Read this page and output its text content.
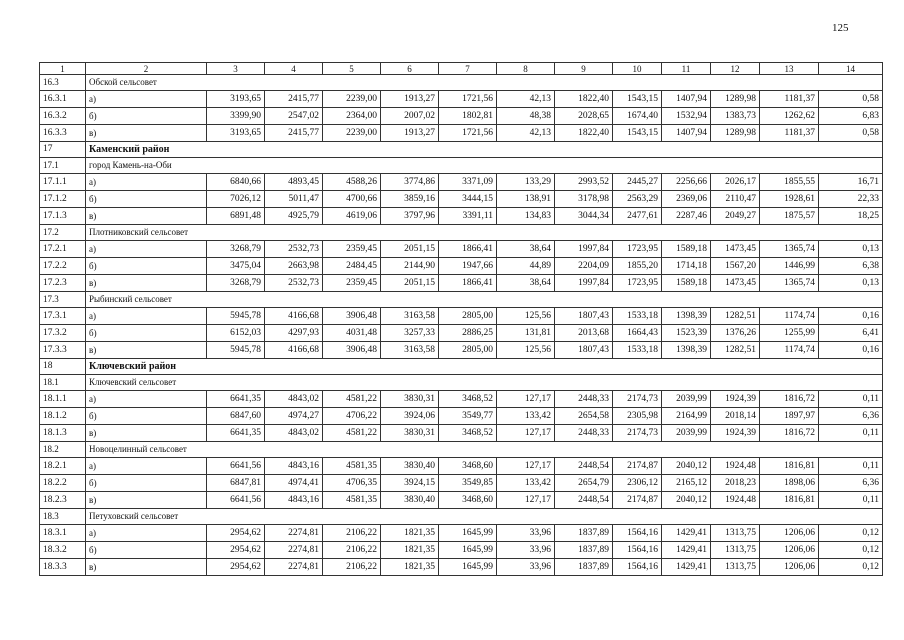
125
1	2	3	4	5	6	7	8	9	10	11	12	13	14
16.3	Обской сельсовет												
16.3.1	а)	3193,65	2415,77	2239,00	1913,27	1721,56	42,13	1822,40	1543,15	1407,94	1289,98	1181,37	0,58
16.3.2	б)	3399,90	2547,02	2364,00	2007,02	1802,81	48,38	2028,65	1674,40	1532,94	1383,73	1262,62	6,83
16.3.3	в)	3193,65	2415,77	2239,00	1913,27	1721,56	42,13	1822,40	1543,15	1407,94	1289,98	1181,37	0,58
17	Каменский район												
17.1	город Камень-на-Оби												
17.1.1	а)	6840,66	4893,45	4588,26	3774,86	3371,09	133,29	2993,52	2445,27	2256,66	2026,17	1855,55	16,71
17.1.2	б)	7026,12	5011,47	4700,66	3859,16	3444,15	138,91	3178,98	2563,29	2369,06	2110,47	1928,61	22,33
17.1.3	в)	6891,48	4925,79	4619,06	3797,96	3391,11	134,83	3044,34	2477,61	2287,46	2049,27	1875,57	18,25
17.2	Плотниковский сельсовет												
17.2.1	а)	3268,79	2532,73	2359,45	2051,15	1866,41	38,64	1997,84	1723,95	1589,18	1473,45	1365,74	0,13
17.2.2	б)	3475,04	2663,98	2484,45	2144,90	1947,66	44,89	2204,09	1855,20	1714,18	1567,20	1446,99	6,38
17.2.3	в)	3268,79	2532,73	2359,45	2051,15	1866,41	38,64	1997,84	1723,95	1589,18	1473,45	1365,74	0,13
17.3	Рыбинский сельсовет												
17.3.1	а)	5945,78	4166,68	3906,48	3163,58	2805,00	125,56	1807,43	1533,18	1398,39	1282,51	1174,74	0,16
17.3.2	б)	6152,03	4297,93	4031,48	3257,33	2886,25	131,81	2013,68	1664,43	1523,39	1376,26	1255,99	6,41
17.3.3	в)	5945,78	4166,68	3906,48	3163,58	2805,00	125,56	1807,43	1533,18	1398,39	1282,51	1174,74	0,16
18	Ключевский район												
18.1	Ключевский сельсовет												
18.1.1	а)	6641,35	4843,02	4581,22	3830,31	3468,52	127,17	2448,33	2174,73	2039,99	1924,39	1816,72	0,11
18.1.2	б)	6847,60	4974,27	4706,22	3924,06	3549,77	133,42	2654,58	2305,98	2164,99	2018,14	1897,97	6,36
18.1.3	в)	6641,35	4843,02	4581,22	3830,31	3468,52	127,17	2448,33	2174,73	2039,99	1924,39	1816,72	0,11
18.2	Новоцелинный сельсовет												
18.2.1	а)	6641,56	4843,16	4581,35	3830,40	3468,60	127,17	2448,54	2174,87	2040,12	1924,48	1816,81	0,11
18.2.2	б)	6847,81	4974,41	4706,35	3924,15	3549,85	133,42	2654,79	2306,12	2165,12	2018,23	1898,06	6,36
18.2.3	в)	6641,56	4843,16	4581,35	3830,40	3468,60	127,17	2448,54	2174,87	2040,12	1924,48	1816,81	0,11
18.3	Петуховский сельсовет												
18.3.1	а)	2954,62	2274,81	2106,22	1821,35	1645,99	33,96	1837,89	1564,16	1429,41	1313,75	1206,06	0,12
18.3.2	б)	2954,62	2274,81	2106,22	1821,35	1645,99	33,96	1837,89	1564,16	1429,41	1313,75	1206,06	0,12
18.3.3	в)	2954,62	2274,81	2106,22	1821,35	1645,99	33,96	1837,89	1564,16	1429,41	1313,75	1206,06	0,12
